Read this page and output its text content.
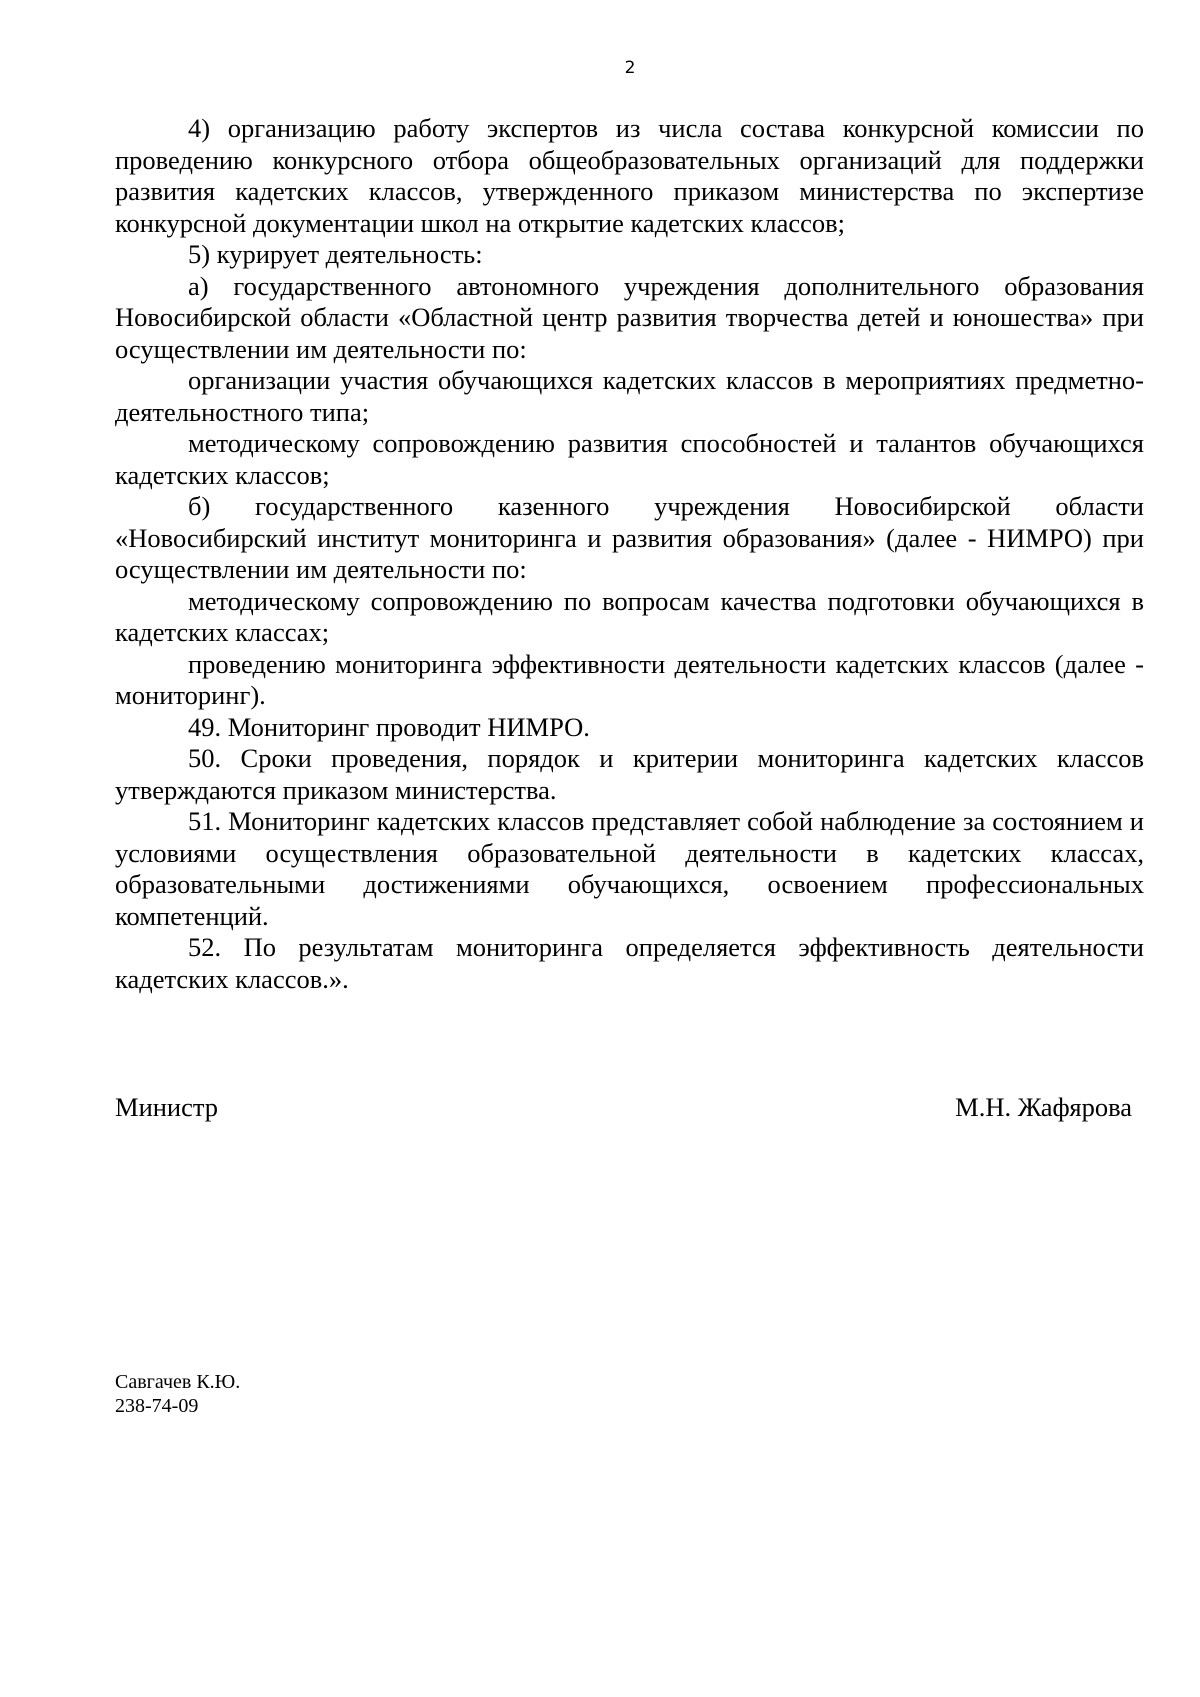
2

4) организацию работу экспертов из числа состава конкурсной комиссии по проведению конкурсного отбора общеобразовательных организаций для поддержки развития кадетских классов, утвержденного приказом министерства по экспертизе конкурсной документации школ на открытие кадетских классов;

5) курирует деятельность:

а) государственного автономного учреждения дополнительного образования Новосибирской области «Областной центр развития творчества детей и юношества» при осуществлении им деятельности по:

организации участия обучающихся кадетских классов в мероприятиях предметно-деятельностного типа;

методическому сопровождению развития способностей и талантов обучающихся кадетских классов;

б) государственного казенного учреждения Новосибирской области «Новосибирский институт мониторинга и развития образования» (далее - НИМРО) при осуществлении им деятельности по:

методическому сопровождению по вопросам качества подготовки обучающихся в кадетских классах;

проведению мониторинга эффективности деятельности кадетских классов (далее - мониторинг).

49. Мониторинг проводит НИМРО.

50. Сроки проведения, порядок и критерии мониторинга кадетских классов утверждаются приказом министерства.

51. Мониторинг кадетских классов представляет собой наблюдение за состоянием и условиями осуществления образовательной деятельности в кадетских классах, образовательными достижениями обучающихся, освоением профессиональных компетенций.

52. По результатам мониторинга определяется эффективность деятельности кадетских классов.».

Министр	М.Н. Жафярова
Савгачев К.Ю.
238-74-09
